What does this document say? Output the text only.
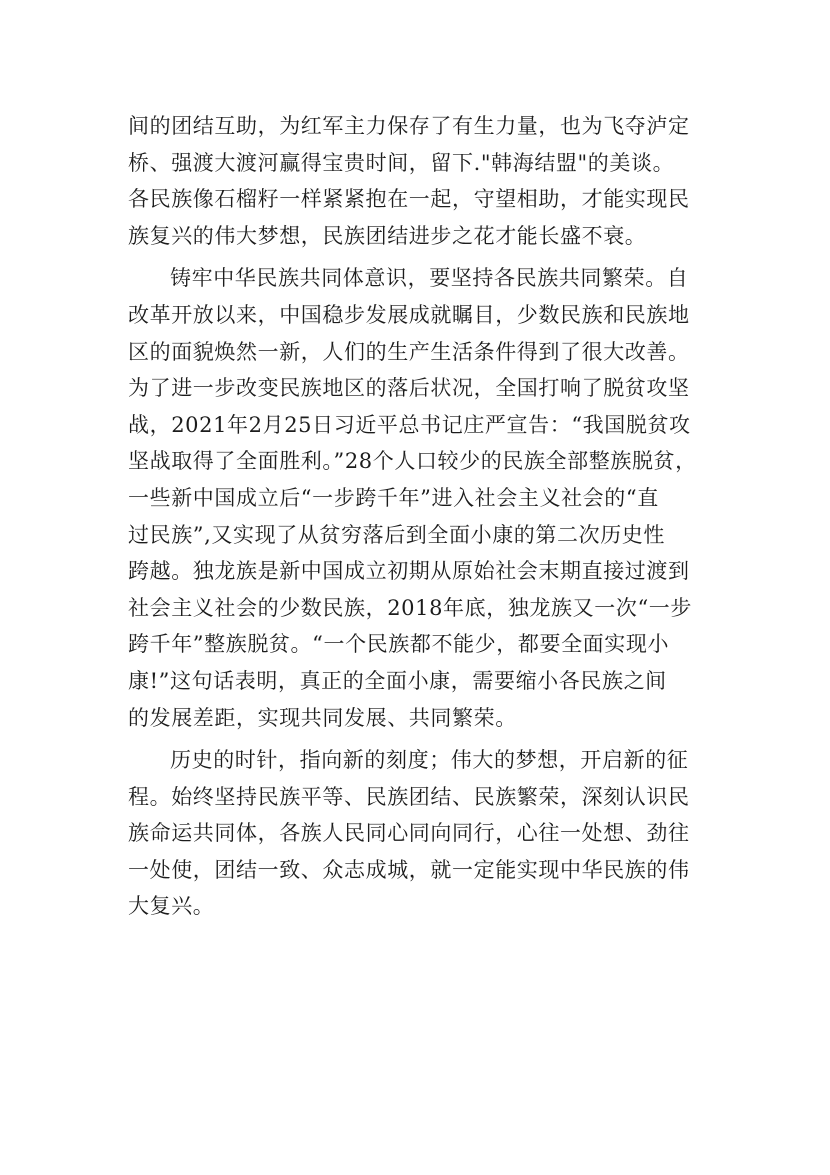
间的团结互助，为红军主力保存了有生力量，也为飞夺泸定
桥、强渡大渡河赢得宝贵时间，留下."韩海结盟"的美谈。
各民族像石榴籽一样紧紧抱在一起，守望相助，才能实现民
族复兴的伟大梦想，民族团结进步之花才能长盛不衰。
铸牢中华民族共同体意识，要坚持各民族共同繁荣。自
改革开放以来，中国稳步发展成就瞩目，少数民族和民族地
区的面貌焕然一新，人们的生产生活条件得到了很大改善。
为了进一步改变民族地区的落后状况，全国打响了脱贫攻坚
战，2021年2月25日习近平总书记庄严宣告：“我国脱贫攻
坚战取得了全面胜利。”28个人口较少的民族全部整族脱贫，
一些新中国成立后“一步跨千年”进入社会主义社会的“直
过民族”,又实现了从贫穷落后到全面小康的第二次历史性
跨越。独龙族是新中国成立初期从原始社会末期直接过渡到
社会主义社会的少数民族，2018年底，独龙族又一次“一步
跨千年”整族脱贫。“一个民族都不能少，都要全面实现小
康!”这句话表明，真正的全面小康，需要缩小各民族之间
的发展差距，实现共同发展、共同繁荣。
历史的时针，指向新的刻度；伟大的梦想，开启新的征
程。始终坚持民族平等、民族团结、民族繁荣，深刻认识民
族命运共同体，各族人民同心同向同行，心往一处想、劲往
一处使，团结一致、众志成城，就一定能实现中华民族的伟
大复兴。
